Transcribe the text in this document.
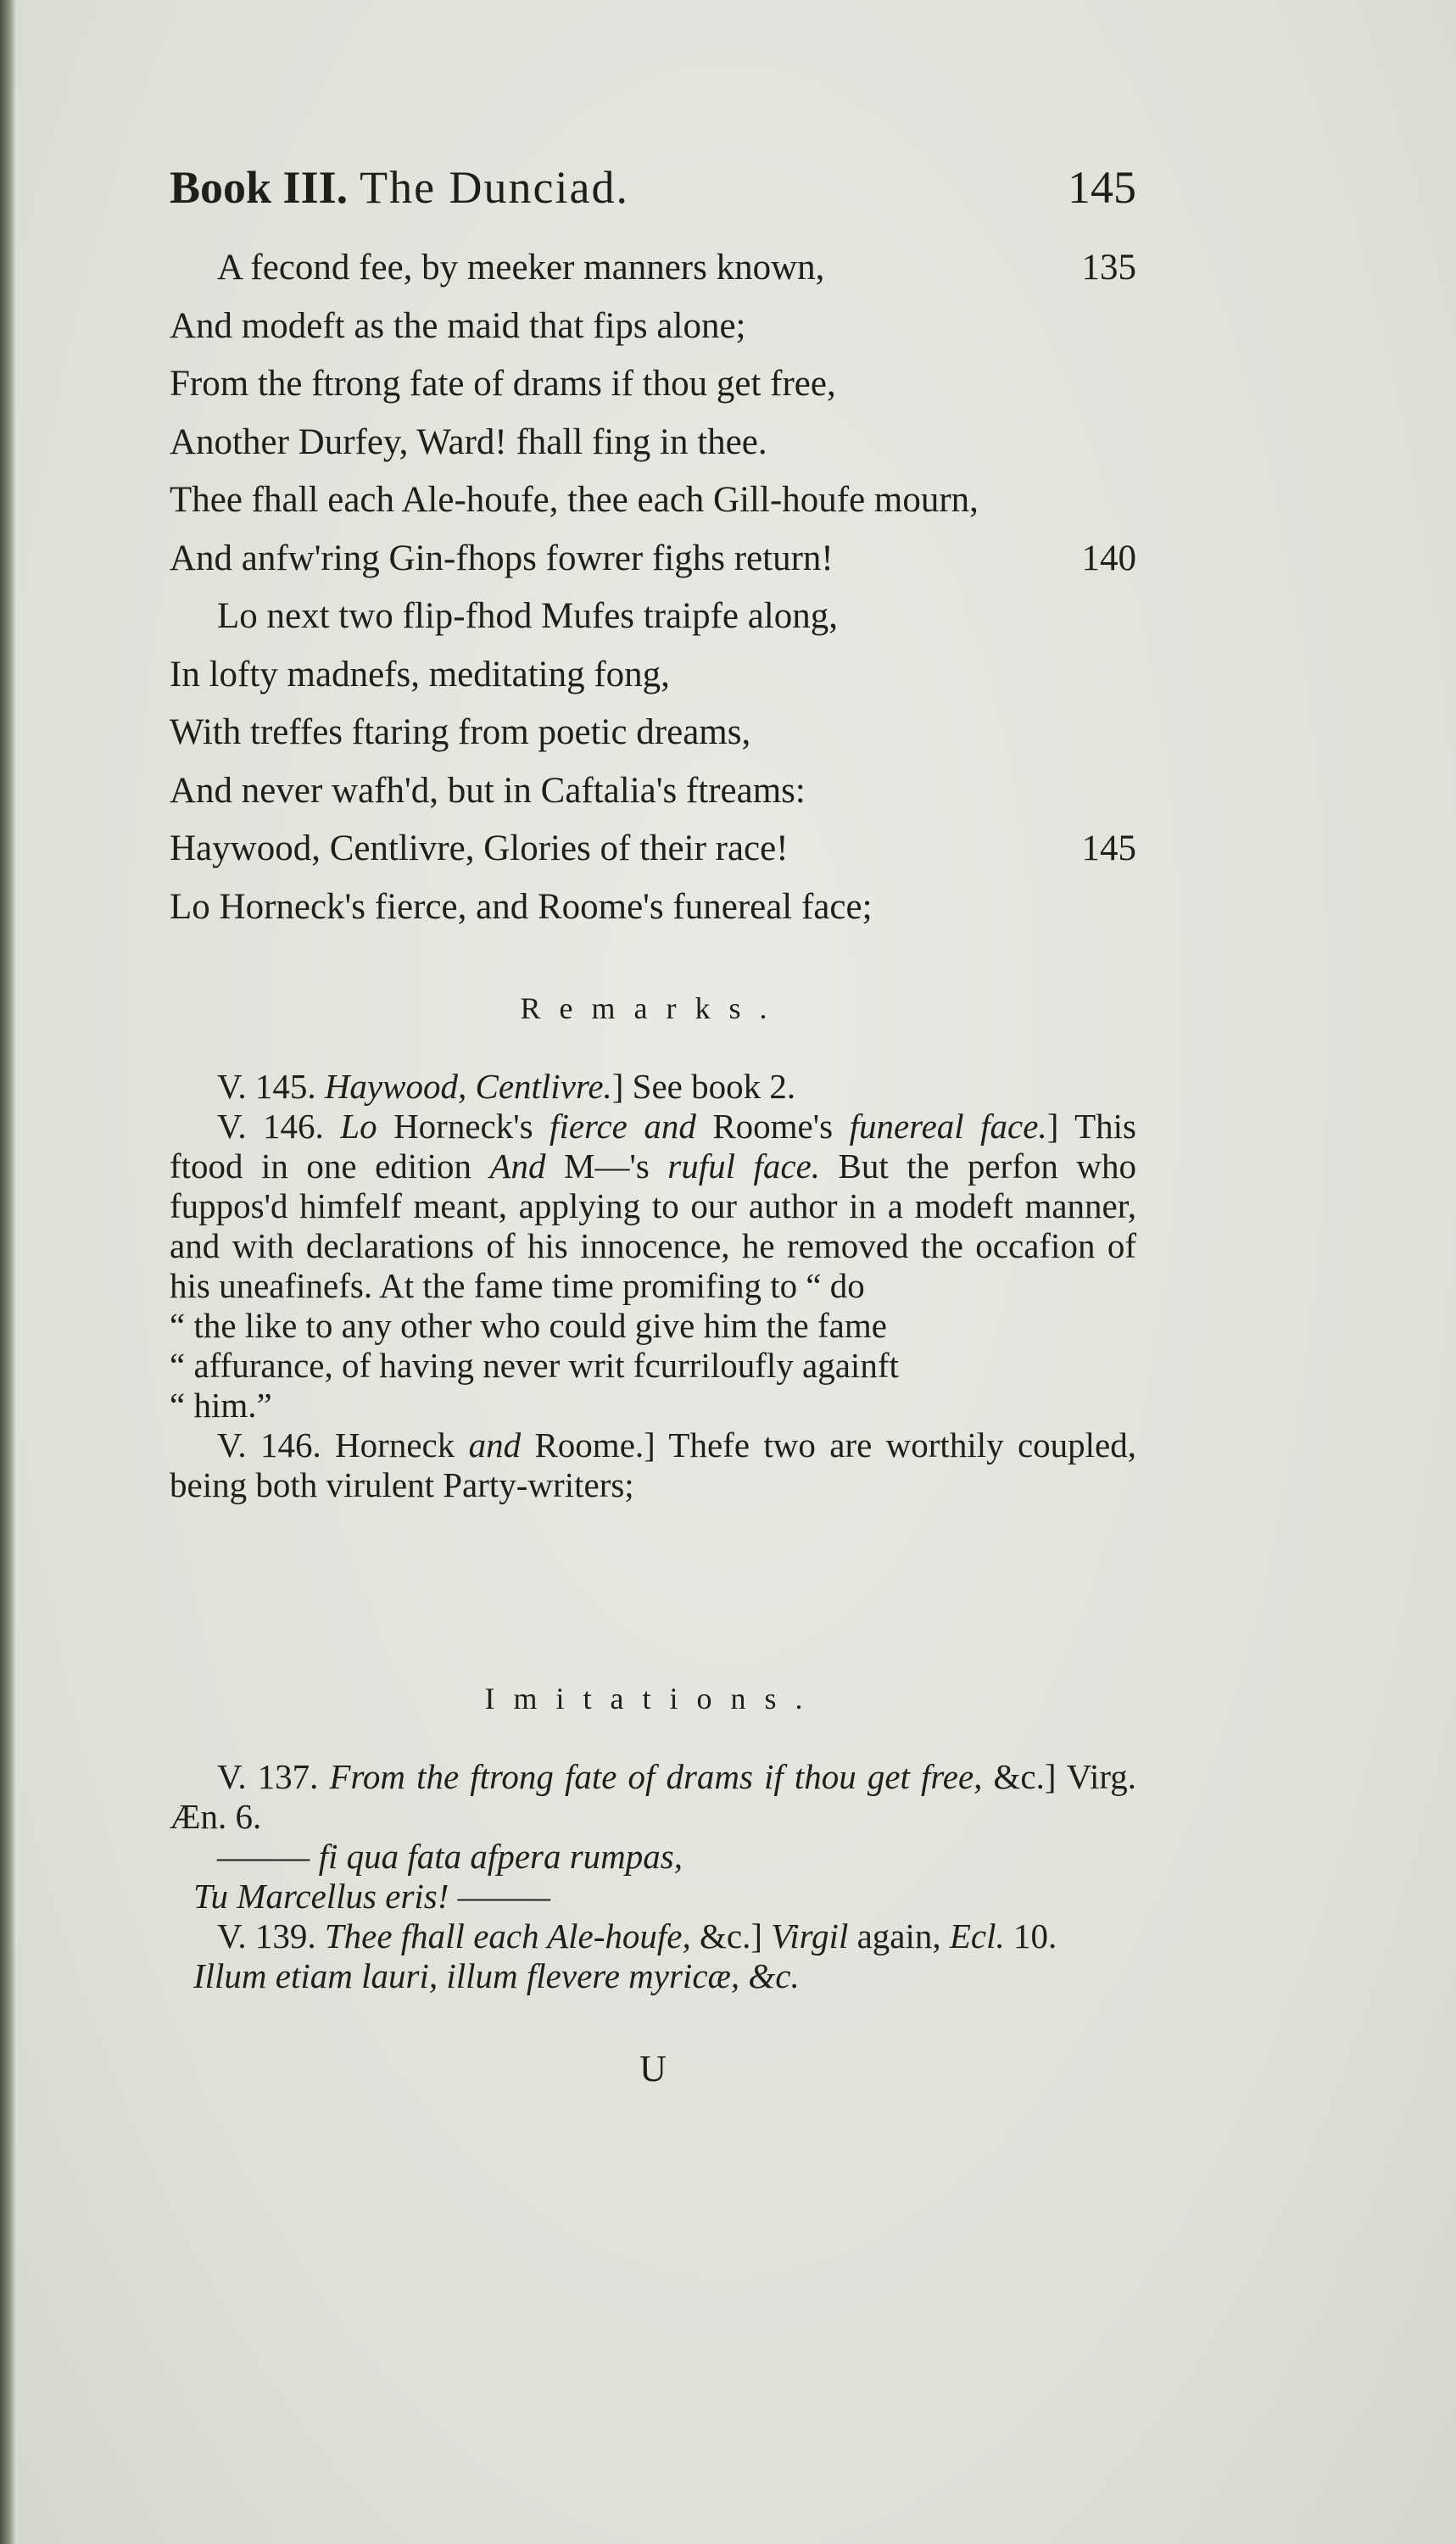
Book III. The Dunciad.	145
A fecond fee, by meeker manners known,	135
And modeft as the maid that fips alone;
From the ftrong fate of drams if thou get free,
Another Durfey, Ward! fhall fing in thee.
Thee fhall each Ale-houfe, thee each Gill-houfe mourn,
And anfw'ring Gin-fhops fowrer fighs return!	140
Lo next two flip-fhod Mufes traipfe along,
In lofty madnefs, meditating fong,
With treffes ftaring from poetic dreams,
And never wafh'd, but in Caftalia's ftreams:
Haywood, Centlivre, Glories of their race!	145
Lo Horneck's fierce, and Roome's funereal face;
Remarks.

V. 145. Haywood, Centlivre.] See book 2.

V. 146. Lo Horneck's fierce and Roome's funereal face.] This ftood in one edition And M—'s ruful face. But the perfon who fuppos'd himfelf meant, applying to our author in a modeft manner, and with declarations of his innocence, he removed the occafion of his uneafinefs. At the fame time promifing to “ do

“ the like to any other who could give him the fame
“ affurance, of having never writ fcurriloufly againft
“ him.”

V. 146. Horneck and Roome.] Thefe two are worthily coupled, being both virulent Party-writers;

Imitations.

V. 137. From the ftrong fate of drams if thou get free, &c.] Virg. Æn. 6.

——— fi qua fata afpera rumpas,
Tu Marcellus eris! ———

V. 139. Thee fhall each Ale-houfe, &c.] Virgil again, Ecl. 10.

Illum etiam lauri, illum flevere myricæ, &c.
U
